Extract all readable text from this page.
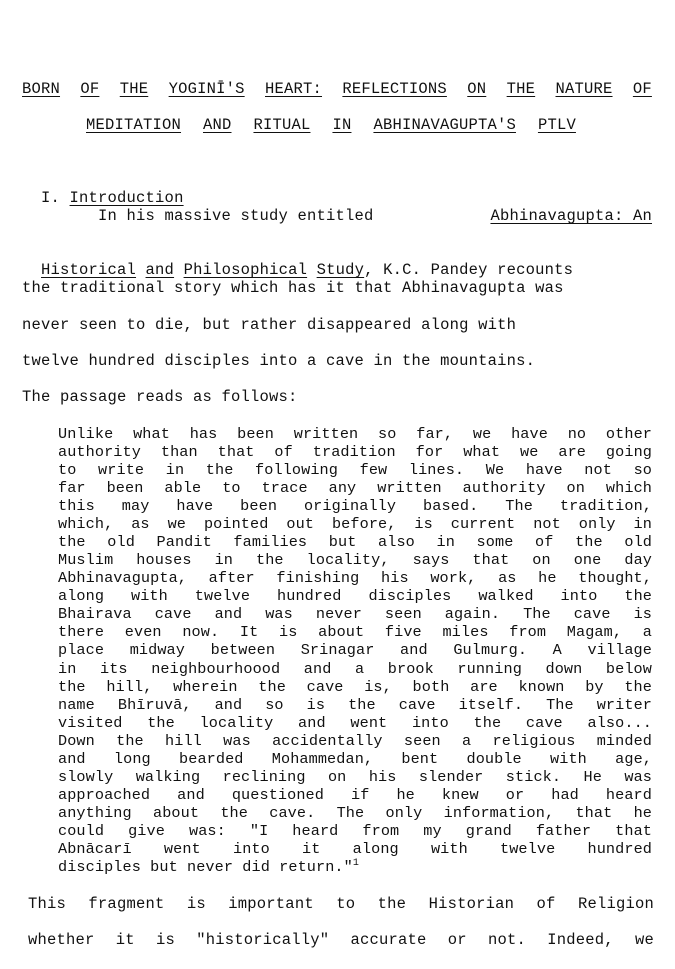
BORN OF THE YOGINĪ'S HEART: REFLECTIONS ON THE NATURE OF
MEDITATION AND RITUAL IN ABHINAVAGUPTA'S PTLV

I. Introduction

In his massive study entitled	Abhinavagupta: An

Historical and Philosophical Study, K.C. Pandey recounts

the traditional story which has it that Abhinavagupta was
never seen to die, but rather disappeared along with
twelve hundred disciples into a cave in the mountains.
The passage reads as follows:
Unlike what has been written so far, we have no other
authority than that of tradition for what we are going
to write in the following few lines. We have not so
far been able to trace any written authority on which
this may have been originally based. The tradition,
which, as we pointed out before, is current not only in
the old Pandit families but also in some of the old
Muslim houses in the locality, says that on one day
Abhinavagupta, after finishing his work, as he thought,
along with twelve hundred disciples walked into the
Bhairava cave and was never seen again. The cave is
there even now. It is about five miles from Magam, a
place midway between Srinagar and Gulmurg. A village
in its neighbourhoood and a brook running down below
the hill, wherein the cave is, both are known by the
name Bhīruvā, and so is the cave itself. The writer
visited the locality and went into the cave also...
Down the hill was accidentally seen a religious minded
and long bearded Mohammedan, bent double with age,
slowly walking reclining on his slender stick. He was
approached and questioned if he knew or had heard
anything about the cave. The only information, that he
could give was: "I heard from my grand father that
Abnācarī went into it along with twelve hundred
disciples but never did return."$^1$
This fragment is important to the Historian of Religion
whether it is "historically" accurate or not. Indeed, we
